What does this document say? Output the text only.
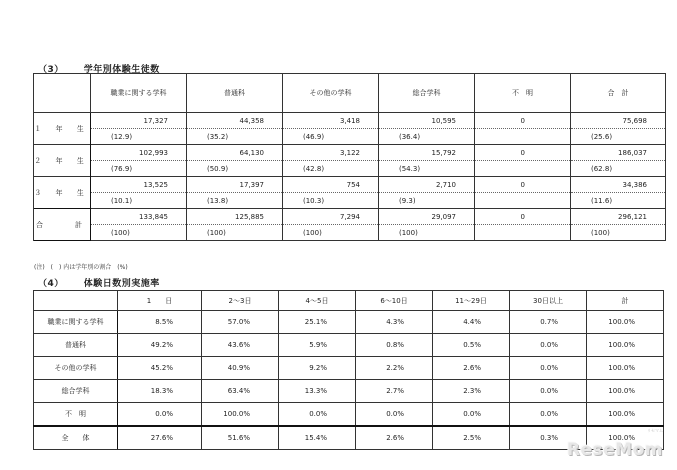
（3） 学年別体験生徒数
	職業に関する学科	普通科	その他の学科	総合学科	不　明	合　計
１ 年 生	17,327	44,358	3,418	10,595	0	75,698
	(12.9)	(35.2)	(46.9)	(36.4)		(25.6)
２ 年 生	102,993	64,130	3,122	15,792	0	186,037
	(76.9)	(50.9)	(42.8)	(54.3)		(62.8)
３ 年 生	13,525	17,397	754	2,710	0	34,386
	(10.1)	(13.8)	(10.3)	(9.3)		(11.6)
合　　計	133,845	125,885	7,294	29,097	0	296,121
	(100)	(100)	(100)	(100)		(100)
(注)　(　) 内は学年別の割合　(%)
（4） 体験日数別実施率
	1　　日	2～3日	4～5日	6～10日	11～29日	30日以上	計
職業に関する学科	8.5%	57.0%	25.1%	4.3%	4.4%	0.7%	100.0%
普通科	49.2%	43.6%	5.9%	0.8%	0.5%	0.0%	100.0%
その他の学科	45.2%	40.9%	9.2%	2.2%	2.6%	0.0%	100.0%
総合学科	18.3%	63.4%	13.3%	2.7%	2.3%	0.0%	100.0%
不　明	0.0%	100.0%	0.0%	0.0%	0.0%	0.0%	100.0%
全　　体	27.6%	51.6%	15.4%	2.6%	2.5%	0.3%	100.0%
リセマム
ReseMom
